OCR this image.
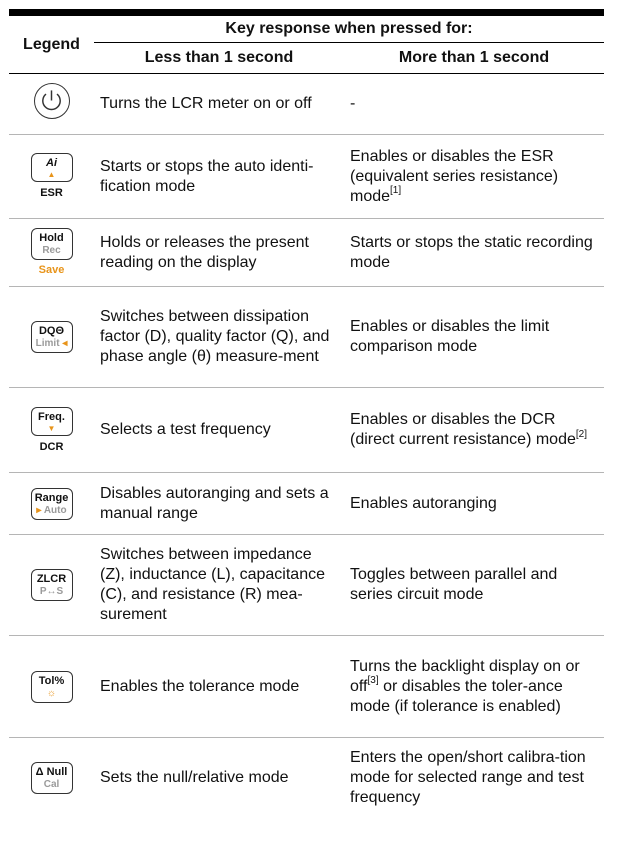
Legend	Key response when pressed for:	
	Less than 1 second	More than 1 second

	Turns the LCR meter on or off	-

Ai
▲
ESR	Starts or stops the auto identi-fication mode	Enables or disables the ESR (equivalent series resistance) mode[1]

Hold
Rec
Save	Holds or releases the present reading on the display	Starts or stops the static recording mode

DQΘ
Limit ◂	Switches between dissipation factor (D), quality factor (Q), and phase angle (θ) measure-ment	Enables or disables the limit comparison mode

Freq.
▼
DCR	Selects a test frequency	Enables or disables the DCR (direct current resistance) mode[2]

Range
▸ Auto	Disables autoranging and sets a manual range	Enables autoranging

ZLCR
P↔S	Switches between impedance (Z), inductance (L), capacitance (C), and resistance (R) mea-surement	Toggles between parallel and series circuit mode

Tol%
☼	Enables the tolerance mode	Turns the backlight display on or off[3] or disables the toler-ance mode (if tolerance is enabled)

Δ Null
Cal	Sets the null/relative mode	Enters the open/short calibra-tion mode for selected range and test frequency
